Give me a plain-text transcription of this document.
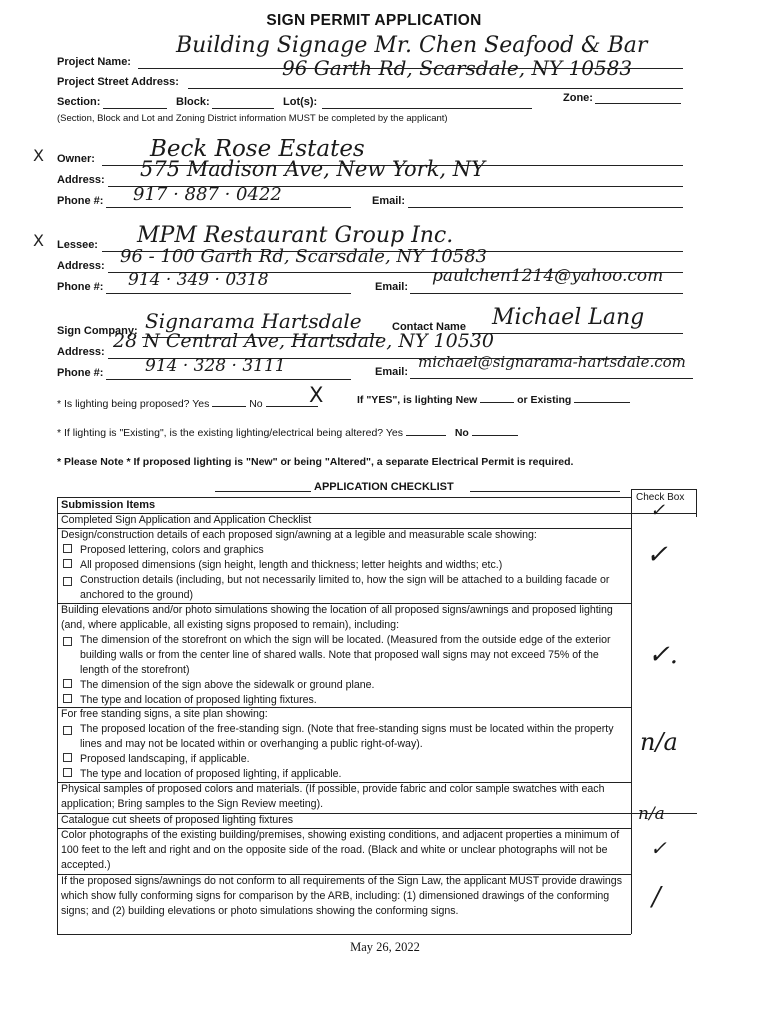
SIGN PERMIT APPLICATION
Project Name:
Building Signage Mr. Chen Seafood & Bar
Project Street Address:
96 Garth Rd, Scarsdale, NY 10583
Section:	Block:	Lot(s):	Zone:
(Section, Block and Lot and Zoning District information MUST be completed by the applicant)
X Owner: Beck Rose Estates
Address: 575 Madison Ave, New York, NY
Phone #: 917 · 887 · 0422	Email:
X Lessee: MPM Restaurant Group Inc.
Address: 96 - 100 Garth Rd, Scarsdale, NY 10583
Phone #: 914 · 349 · 0318	Email:
paulchen1214@yahoo.com
Sign Company: Signarama Hartsdale	Contact Name Michael Lang
Address: 28 N Central Ave, Hartsdale, NY 10530
Phone #: 914 · 328 · 3111	Email:
michael@signarama-hartsdale.com
* Is lighting being proposed? Yes	No	X	If "YES", is lighting New	or Existing
* If lighting is "Existing", is the existing lighting/electrical being altered? Yes	No
* Please Note * If proposed lighting is "New" or being "Altered", a separate Electrical Permit is required.
APPLICATION CHECKLIST
Submission Items
Check Box
Completed Sign Application and Application Checklist	✓
Design/construction details of each proposed sign/awning at a legible and measurable scale showing:
Proposed lettering, colors and graphics
All proposed dimensions (sign height, length and thickness; letter heights and widths; etc.)
Construction details (including, but not necessarily limited to, how the sign will be attached to a building facade or anchored to the ground)
✓
Building elevations and/or photo simulations showing the location of all proposed signs/awnings and proposed lighting (and, where applicable, all existing signs proposed to remain), including:
The dimension of the storefront on which the sign will be located. (Measured from the outside edge of the exterior building walls or from the center line of shared walls. Note that proposed wall signs may not exceed 75% of the length of the storefront)
The dimension of the sign above the sidewalk or ground plane.
The type and location of proposed lighting fixtures.
✓.
For free standing signs, a site plan showing:
The proposed location of the free-standing sign. (Note that free-standing signs must be located within the property lines and may not be located within or overhanging a public right-of-way).
Proposed landscaping, if applicable.
The type and location of proposed lighting, if applicable.
n/a
Physical samples of proposed colors and materials. (If possible, provide fabric and color sample swatches with each application; Bring samples to the Sign Review meeting).
Catalogue cut sheets of proposed lighting fixtures	n/a
Color photographs of the existing building/premises, showing existing conditions, and adjacent properties a minimum of 100 feet to the left and right and on the opposite side of the road. (Black and white or unclear photographs will not be accepted.)
✓
If the proposed signs/awnings do not conform to all requirements of the Sign Law, the applicant MUST provide drawings which show fully conforming signs for comparison by the ARB, including: (1) dimensioned drawings of the conforming signs; and (2) building elevations or photo simulations showing the conforming signs.	/
May 26, 2022
